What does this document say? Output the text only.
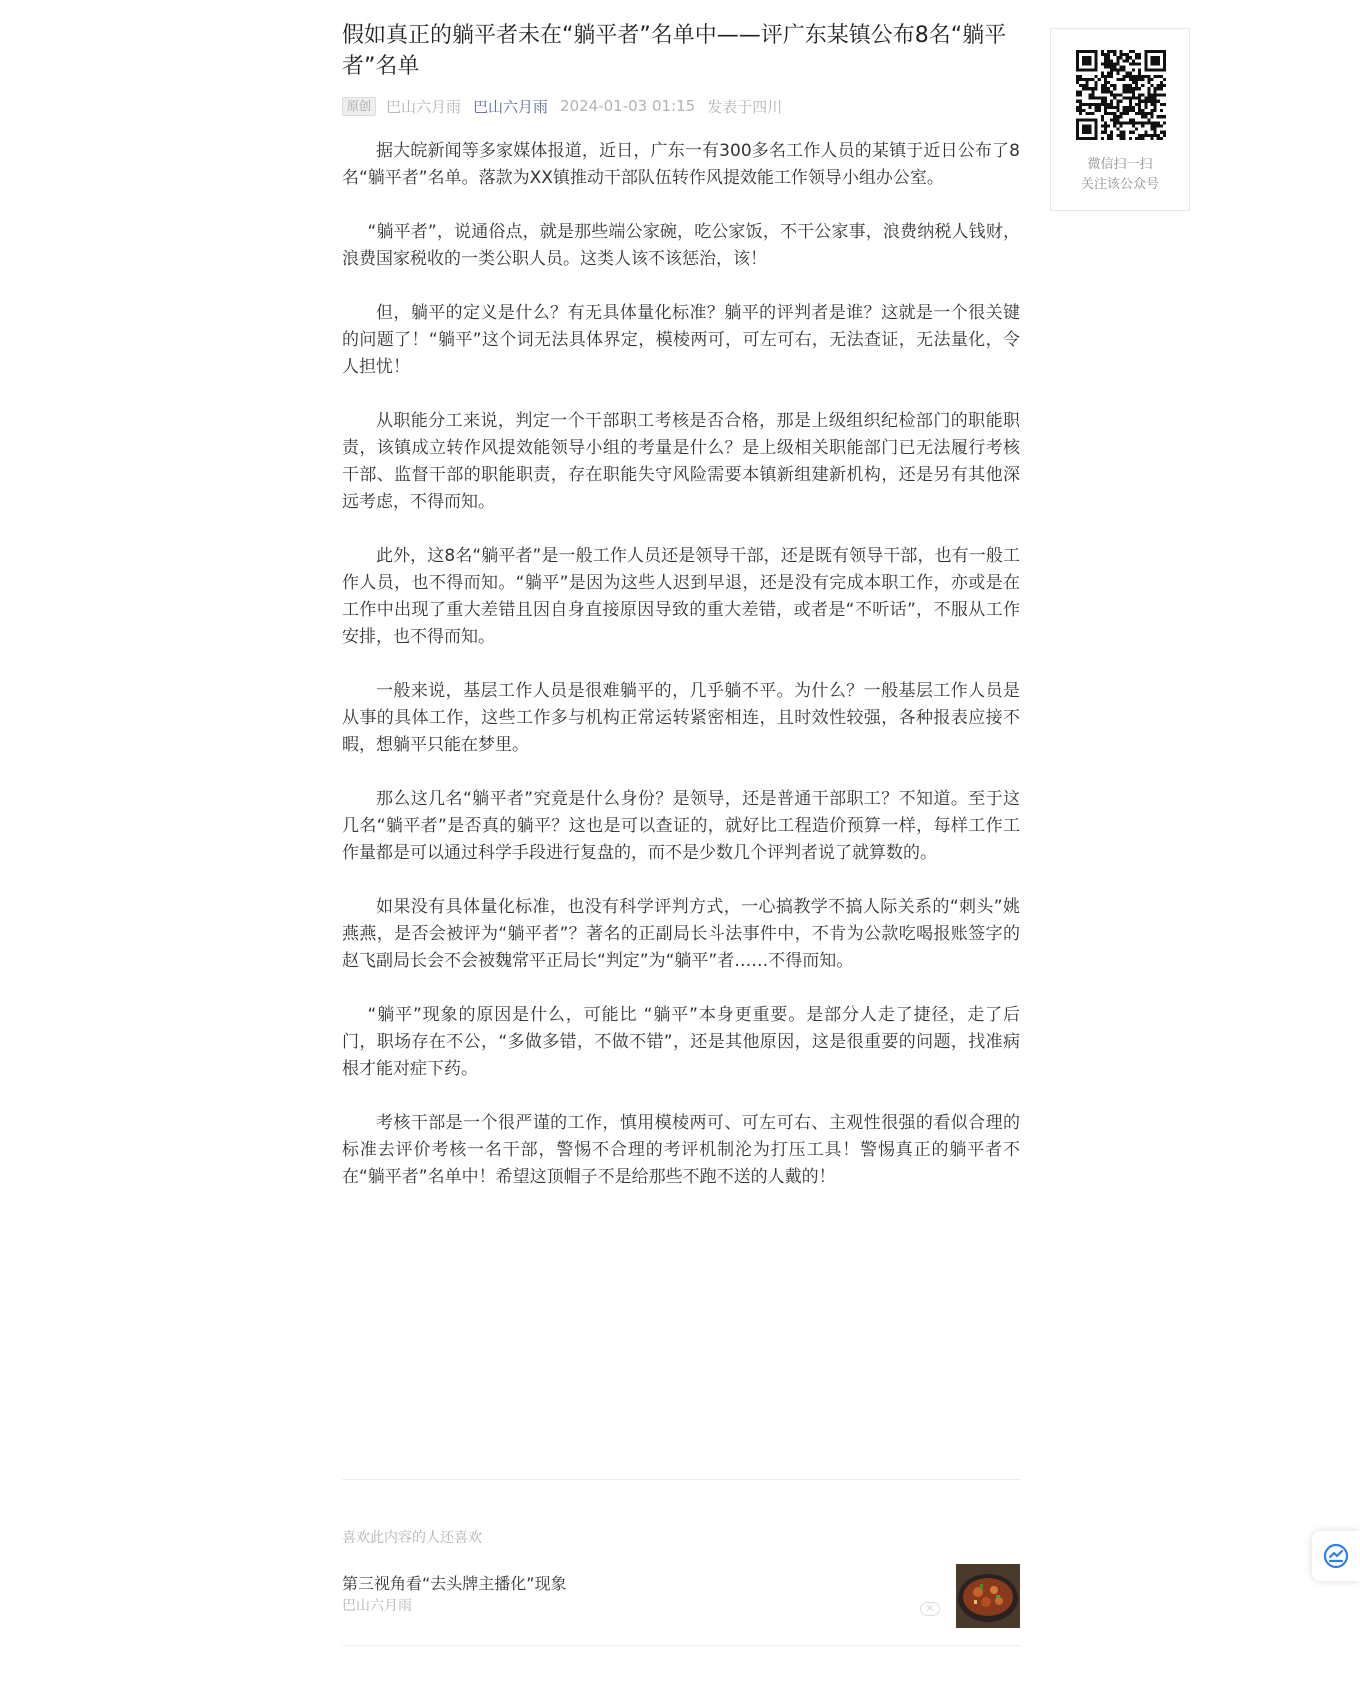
假如真正的躺平者未在“躺平者”名单中——评广东某镇公布8名“躺平者”名单
原创	巴山六月雨 巴山六月雨 2024-01-03 01:15 发表于四川

据大皖新闻等多家媒体报道，近日，广东一有300多名工作人员的某镇于近日公布了8名“躺平者”名单。落款为XX镇推动干部队伍转作风提效能工作领导小组办公室。

“躺平者”，说通俗点，就是那些端公家碗，吃公家饭，不干公家事，浪费纳税人钱财，浪费国家税收的一类公职人员。这类人该不该惩治，该！

但，躺平的定义是什么？有无具体量化标准？躺平的评判者是谁？这就是一个很关键的问题了！“躺平”这个词无法具体界定，模棱两可，可左可右，无法查证，无法量化，令人担忧！

从职能分工来说，判定一个干部职工考核是否合格，那是上级组织纪检部门的职能职责，该镇成立转作风提效能领导小组的考量是什么？是上级相关职能部门已无法履行考核干部、监督干部的职能职责，存在职能失守风险需要本镇新组建新机构，还是另有其他深远考虑，不得而知。

此外，这8名“躺平者”是一般工作人员还是领导干部，还是既有领导干部，也有一般工作人员，也不得而知。“躺平”是因为这些人迟到早退，还是没有完成本职工作，亦或是在工作中出现了重大差错且因自身直接原因导致的重大差错，或者是“不听话”，不服从工作安排，也不得而知。

一般来说，基层工作人员是很难躺平的，几乎躺不平。为什么？一般基层工作人员是从事的具体工作，这些工作多与机构正常运转紧密相连，且时效性较强，各种报表应接不暇，想躺平只能在梦里。

那么这几名“躺平者”究竟是什么身份？是领导，还是普通干部职工？不知道。至于这几名“躺平者”是否真的躺平？这也是可以查证的，就好比工程造价预算一样，每样工作工作量都是可以通过科学手段进行复盘的，而不是少数几个评判者说了就算数的。

如果没有具体量化标准，也没有科学评判方式，一心搞教学不搞人际关系的“刺头”姚燕燕，是否会被评为“躺平者”？著名的正副局长斗法事件中，不肯为公款吃喝报账签字的赵飞副局长会不会被魏常平正局长“判定”为“躺平”者……不得而知。

“躺平”现象的原因是什么，可能比 “躺平”本身更重要。是部分人走了捷径，走了后门，职场存在不公，“多做多错，不做不错”，还是其他原因，这是很重要的问题，找准病根才能对症下药。

考核干部是一个很严谨的工作，慎用模棱两可、可左可右、主观性很强的看似合理的标准去评价考核一名干部，警惕不合理的考评机制沦为打压工具！警惕真正的躺平者不在“躺平者”名单中！希望这顶帽子不是给那些不跑不送的人戴的！

微信扫一扫
关注该公众号
喜欢此内容的人还喜欢
第三视角看“去头牌主播化”现象
巴山六月雨	×
